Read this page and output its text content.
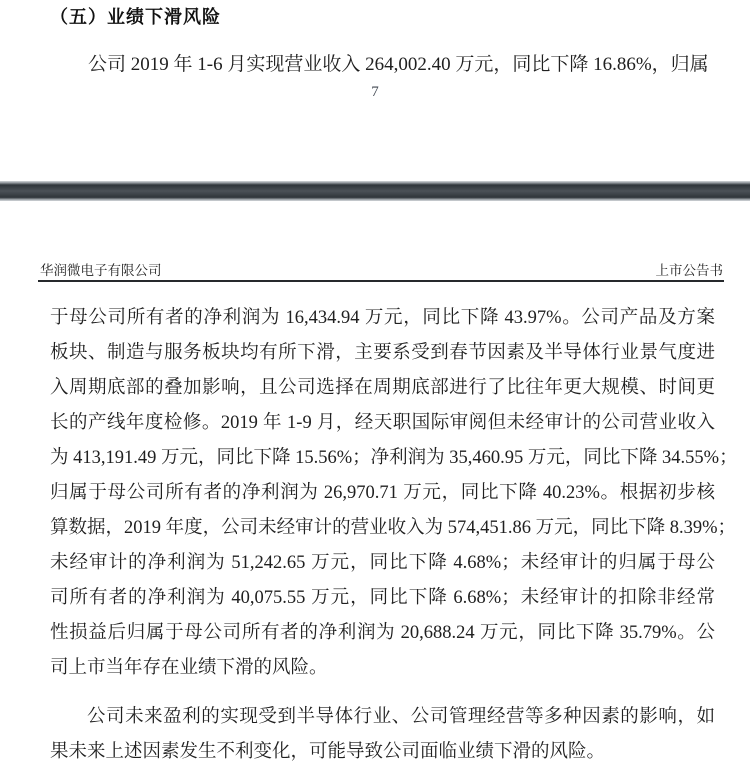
（五）业绩下滑风险
公司 2019 年 1-6 月实现营业收入 264,002.40 万元，同比下降 16.86%，归属
7
华润微电子有限公司	上市公告书
于母公司所有者的净利润为 16,434.94 万元，同比下降 43.97%。公司产品及方案
板块、制造与服务板块均有所下滑，主要系受到春节因素及半导体行业景气度进
入周期底部的叠加影响，且公司选择在周期底部进行了比往年更大规模、时间更
长的产线年度检修。2019 年 1-9 月，经天职国际审阅但未经审计的公司营业收入
为 413,191.49 万元，同比下降 15.56%；净利润为 35,460.95 万元，同比下降 34.55%；
归属于母公司所有者的净利润为 26,970.71 万元，同比下降 40.23%。根据初步核
算数据，2019 年度，公司未经审计的营业收入为 574,451.86 万元，同比下降 8.39%；
未经审计的净利润为 51,242.65 万元，同比下降 4.68%；未经审计的归属于母公
司所有者的净利润为 40,075.55 万元，同比下降 6.68%；未经审计的扣除非经常
性损益后归属于母公司所有者的净利润为 20,688.24 万元，同比下降 35.79%。公
司上市当年存在业绩下滑的风险。
公司未来盈利的实现受到半导体行业、公司管理经营等多种因素的影响，如
果未来上述因素发生不利变化，可能导致公司面临业绩下滑的风险。
